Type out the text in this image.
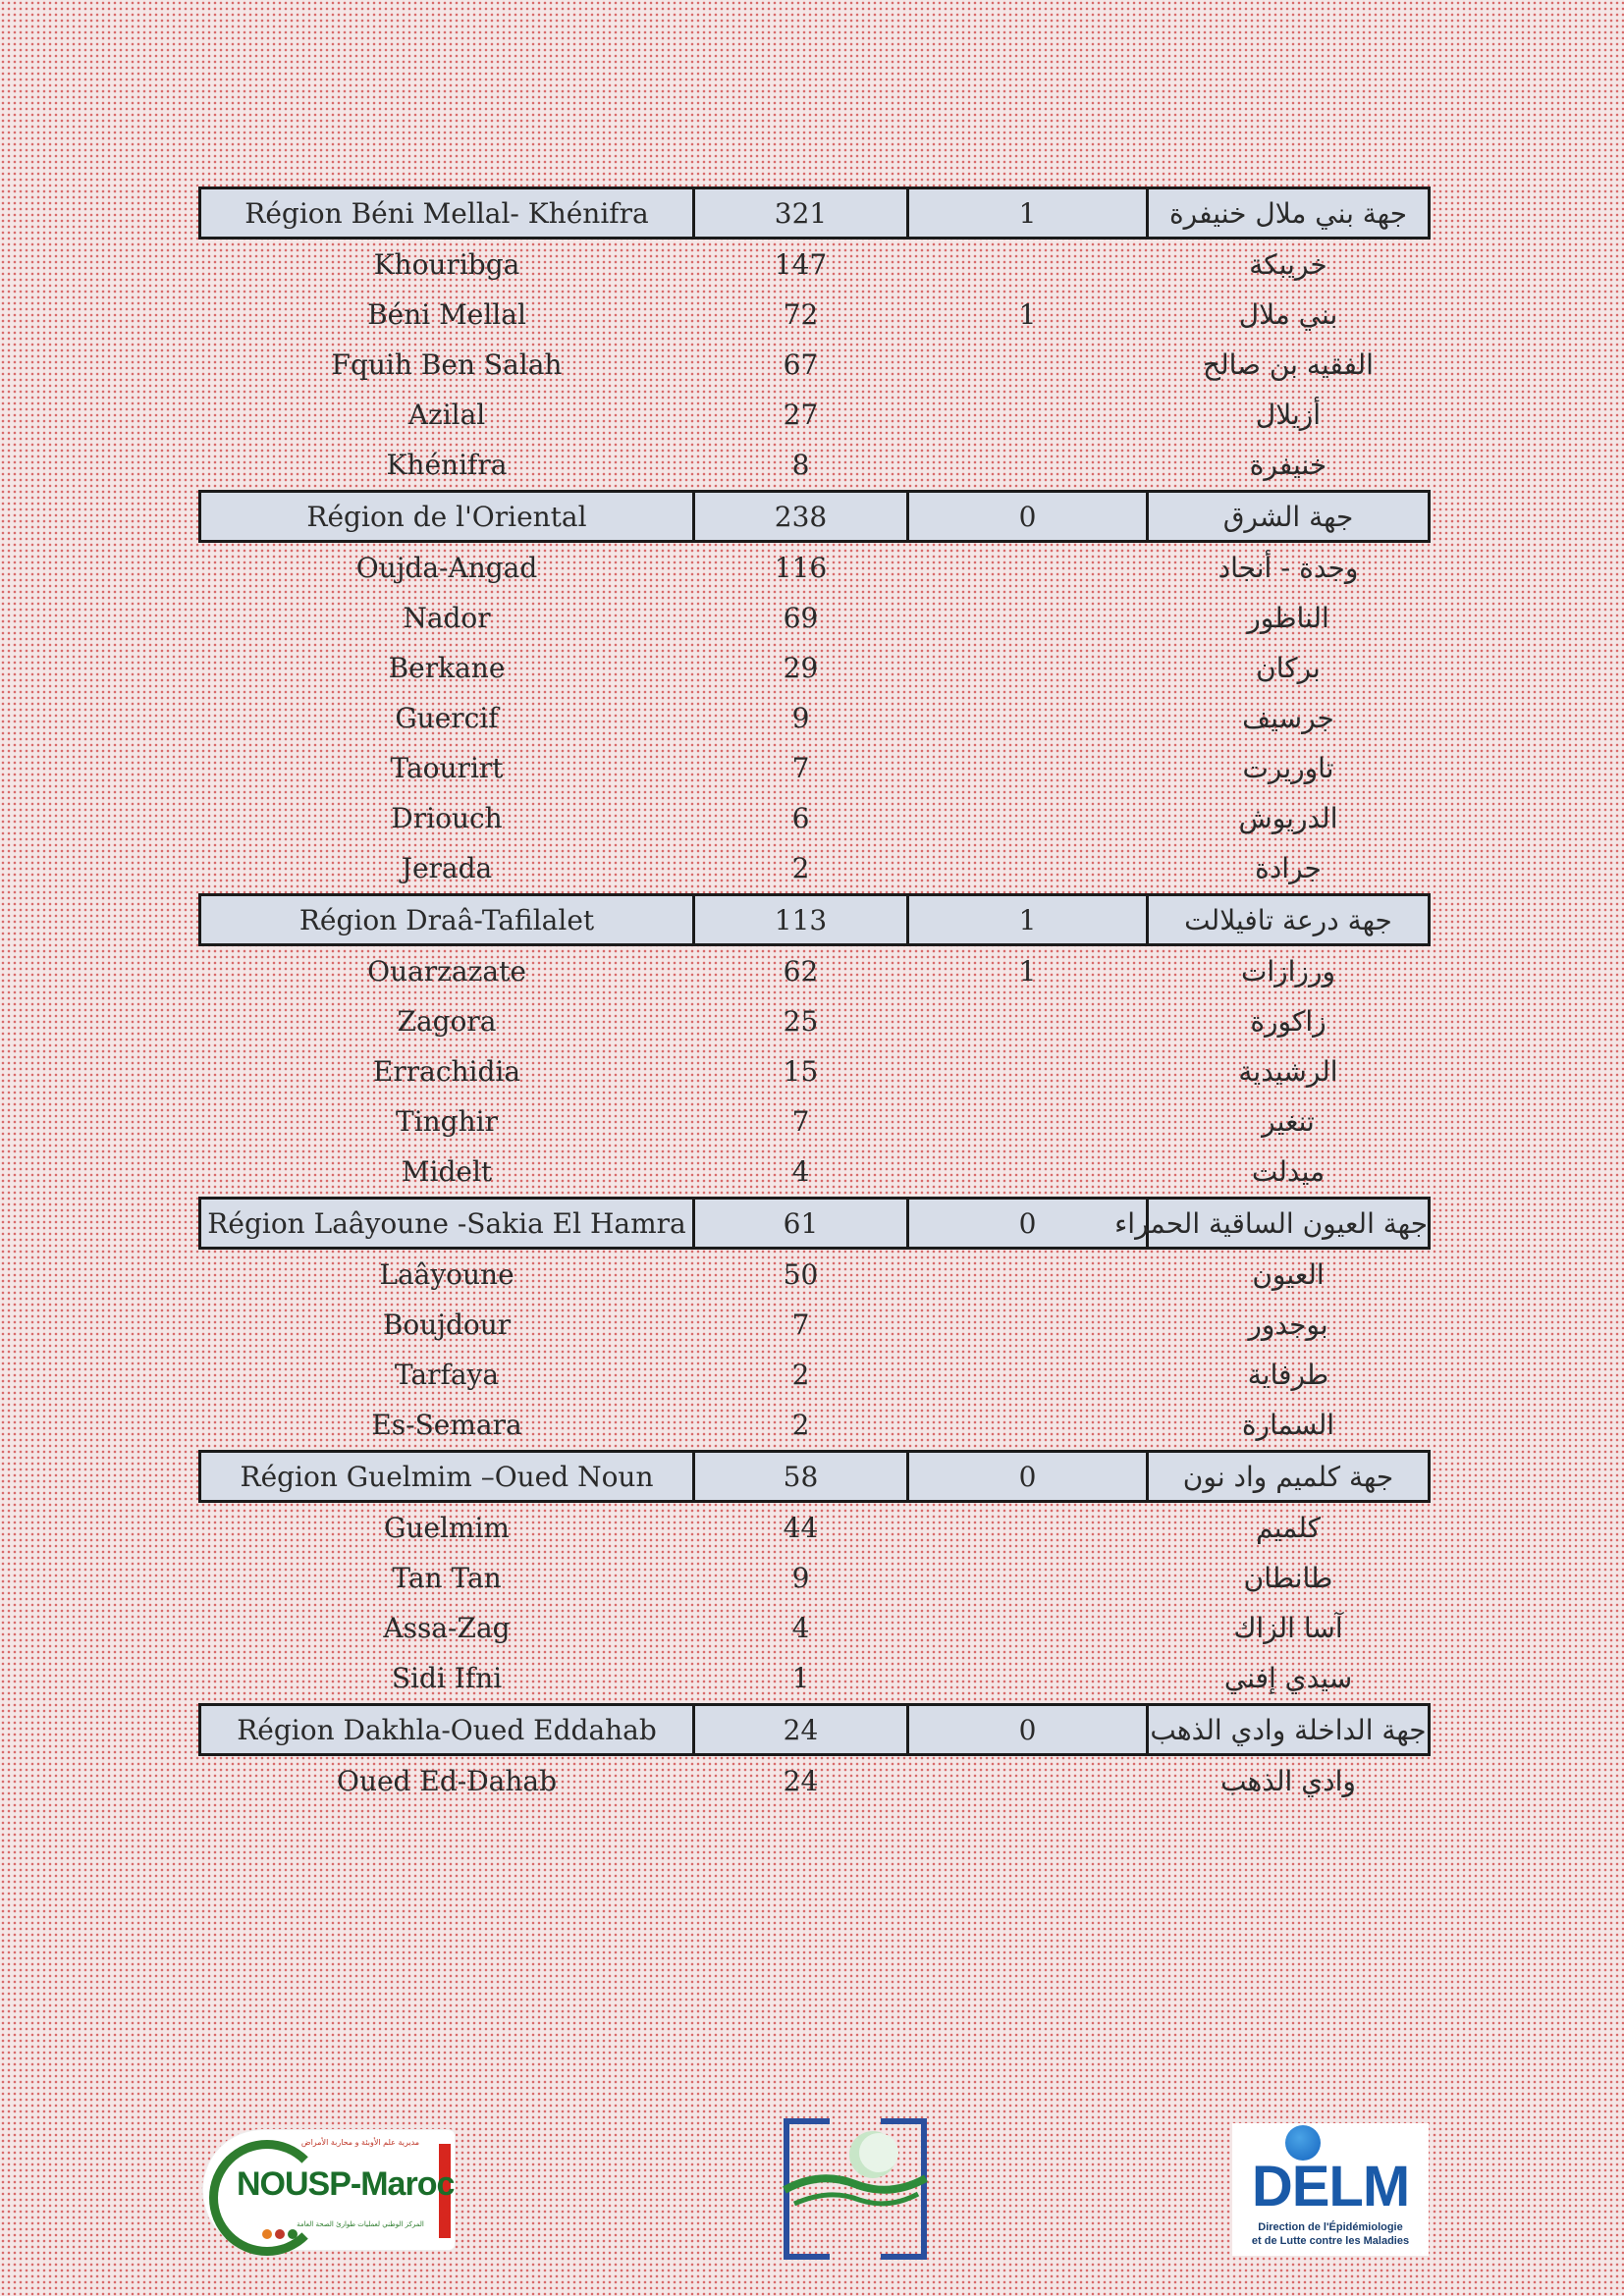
Région Béni Mellal- Khénifra	321	1	جهة بني ملال خنيفرة
Khouribga	147		خريبكة
Béni Mellal	72	1	بني ملال
Fquih Ben Salah	67		الفقيه بن صالح
Azilal	27		أزيلال
Khénifra	8		خنيفرة
Région de l'Oriental	238	0	جهة الشرق
Oujda-Angad	116		وجدة - أنجاد
Nador	69		الناظور
Berkane	29		بركان
Guercif	9		جرسيف
Taourirt	7		تاوريرت
Driouch	6		الدريوش
Jerada	2		جرادة
Région Draâ-Tafilalet	113	1	جهة درعة تافيلالت
Ouarzazate	62	1	ورزازات
Zagora	25		زاكورة
Errachidia	15		الرشيدية
Tinghir	7		تنغير
Midelt	4		ميدلت
Région Laâyoune -Sakia El Hamra	61	0	جهة العيون الساقية الحمراء
Laâyoune	50		العيون
Boujdour	7		بوجدور
Tarfaya	2		طرفاية
Es-Semara	2		السمارة
Région Guelmim –Oued Noun	58	0	جهة كلميم واد نون
Guelmim	44		كلميم
Tan Tan	9		طانطان
Assa-Zag	4		آسا الزاك
Sidi Ifni	1		سيدي إفني
Région Dakhla-Oued Eddahab	24	0	جهة الداخلة وادي الذهب
Oued Ed-Dahab	24		وادي الذهب
مديرية علم الأوبئة و محاربة الأمراض
NOUSP-Maroc
المركز الوطني لعمليات طوارئ الصحة العامة
DELM
Direction de l'Épidémiologie
et de Lutte contre les Maladies
